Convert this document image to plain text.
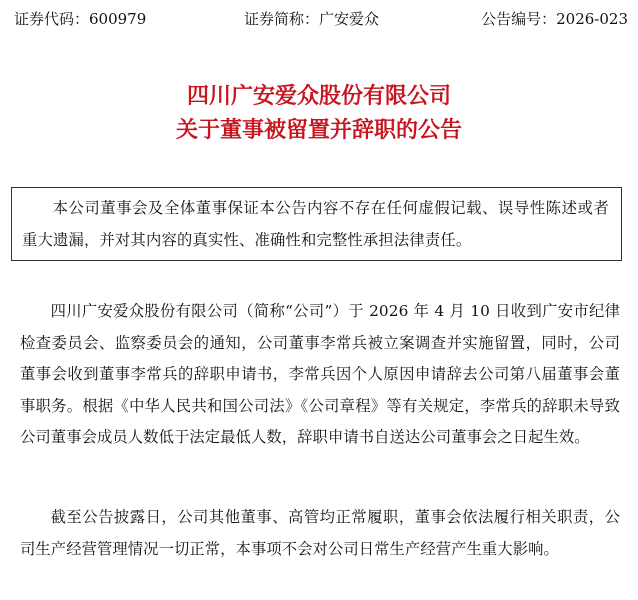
证券代码：600979	证券简称：广安爱众	公告编号：2026-023
四川广安爱众股份有限公司
关于董事被留置并辞职的公告
本公司董事会及全体董事保证本公告内容不存在任何虚假记载、误导性陈述或者重大遗漏，并对其内容的真实性、准确性和完整性承担法律责任。
四川广安爱众股份有限公司（简称“公司”）于 2026 年 4 月 10 日收到广安市纪律检查委员会、监察委员会的通知，公司董事李常兵被立案调查并实施留置，同时，公司董事会收到董事李常兵的辞职申请书，李常兵因个人原因申请辞去公司第八届董事会董事职务。根据《中华人民共和国公司法》《公司章程》等有关规定，李常兵的辞职未导致公司董事会成员人数低于法定最低人数，辞职申请书自送达公司董事会之日起生效。
截至公告披露日，公司其他董事、高管均正常履职，董事会依法履行相关职责，公司生产经营管理情况一切正常，本事项不会对公司日常生产经营产生重大影响。
